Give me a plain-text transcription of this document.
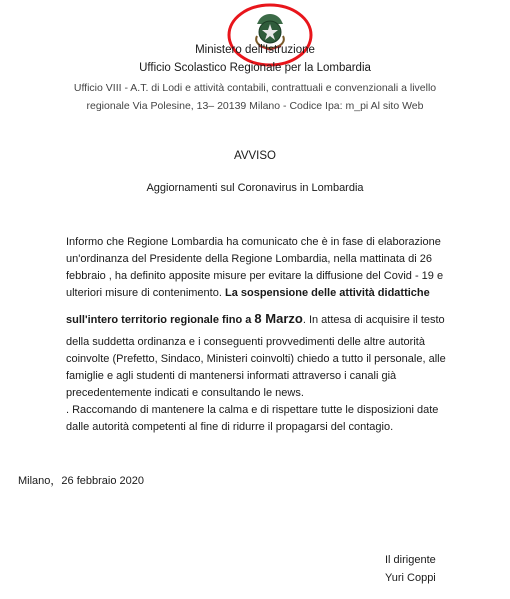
Ministero dell'Istruzione
Ufficio Scolastico Regionale per la Lombardia
Ufficio VIII - A.T. di Lodi e attività contabili, contrattuali e convenzionali a livello
regionale Via Polesine, 13– 20139 Milano - Codice Ipa: m_pi Al sito Web
AVVISO
Aggiornamenti sul Coronavirus in Lombardia
Informo che Regione Lombardia ha comunicato che è in fase di elaborazione
un'ordinanza del Presidente della Regione Lombardia, nella mattinata di 26
febbraio , ha definito apposite misure per evitare la diffusione del Covid - 19 e
ulteriori misure di contenimento. La sospensione delle attività didattiche
sull'intero territorio regionale fino a 8 Marzo. In attesa di acquisire il testo
della suddetta ordinanza e i conseguenti provvedimenti delle altre autorità
coinvolte (Prefetto, Sindaco, Ministeri coinvolti) chiedo a tutto il personale, alle
famiglie e agli studenti di mantenersi informati attraverso i canali già
precedentemente indicati e consultando le news.
. Raccomando di mantenere la calma e di rispettare tutte le disposizioni date
dalle autorità competenti al fine di ridurre il propagarsi del contagio.
Milano，26 febbraio 2020
Il dirigente
Yuri Coppi
